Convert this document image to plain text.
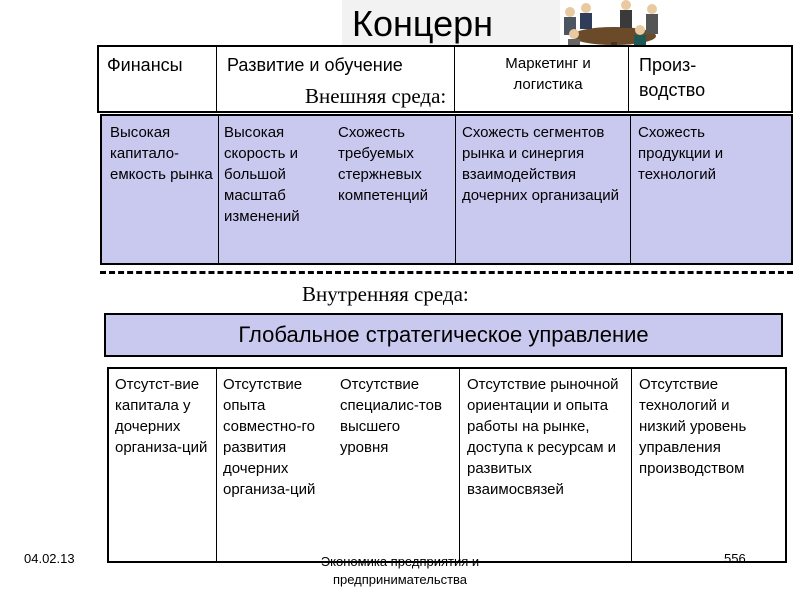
Концерн
Финансы Развитие и обучение	Маркетинг и логистика
Произ-водство
Внешняя среда:
Высокая капитало-емкость рынка
Высокая скорость и большой масштаб изменений
Схожесть требуемых стержневых компетенций
Схожесть сегментов рынка и синергия взаимодействия дочерних организаций
Схожесть продукции и технологий
Внутренняя среда:
Глобальное стратегическое управление
Отсутст-вие капитала у дочерних организа-ций
Отсутствие опыта совместно-го развития дочерних организа-ций
Отсутствие специалис-тов высшего уровня
Отсутствие рыночной ориентации и опыта работы на рынке, доступа к ресурсам и развитых взаимосвязей
Отсутствие технологий и низкий уровень управления производством
04.02.13	Экономика предприятия и предпринимательства
556
